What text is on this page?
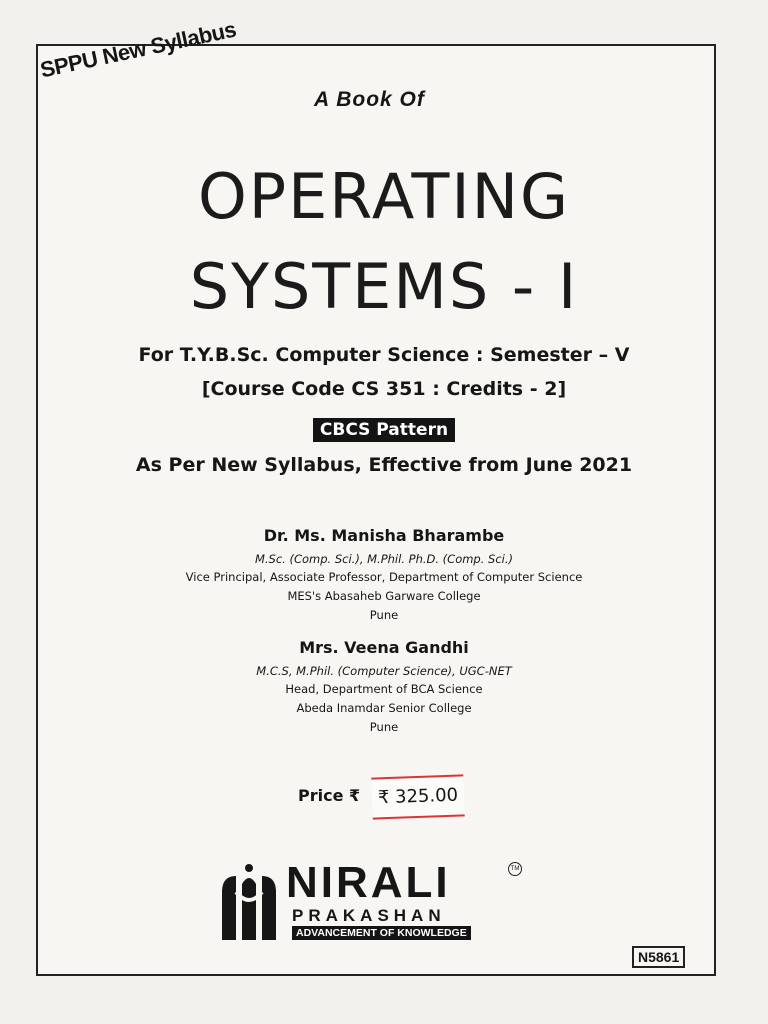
SPPU New Syllabus
A Book Of
OPERATING
SYSTEMS - I
For T.Y.B.Sc. Computer Science : Semester – V
[Course Code CS 351 : Credits - 2]
CBCS Pattern
As Per New Syllabus, Effective from June 2021
Dr. Ms. Manisha Bharambe
M.Sc. (Comp. Sci.), M.Phil. Ph.D. (Comp. Sci.)
Vice Principal, Associate Professor, Department of Computer Science
MES's Abasaheb Garware College
Pune
Mrs. Veena Gandhi
M.C.S, M.Phil. (Computer Science), UGC-NET
Head, Department of BCA Science
Abeda Inamdar Senior College
Pune
Price ₹ ₹ 325.00
NIRALI	TM
PRAKASHAN
ADVANCEMENT OF KNOWLEDGE
N5861
